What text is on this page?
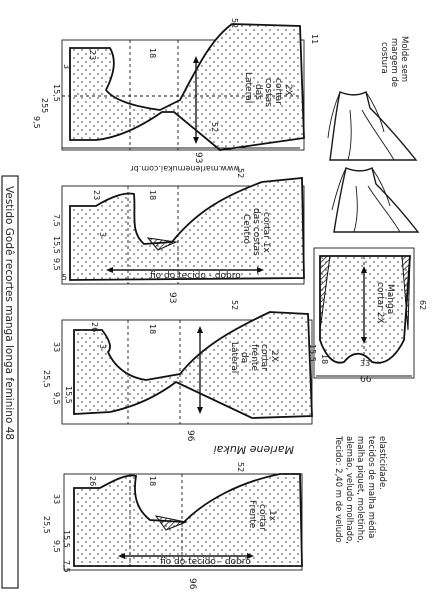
Lateral das costas cortar 2X
23	18
52
11
52
255
9,5
15,5
3
93
www.marlenemukai.com.br
fio do tecido - dobro
Centro das costas cortar 1x
23	18
52
7,5
15,5
9,5
5
3
93
Lateral da frente cortar 2X
26	18
52
25,5
33
9,5 15,5
3
96
Marlene Mukai
fio do tecido - dobro
Frente cortar 1x
26	18
52
25,5
33
9,5 15,5
7,5
96
Vestido Godê recortes manga longa feminino 48
Molde sem
margem de
costura
Manga
cortar 2X	62
18
15,5
66
33
Tecido: 2,40 m de veludo alemão, veludo molhado, malha piquet, moletinho, tecidos de malha média elasticidade.
